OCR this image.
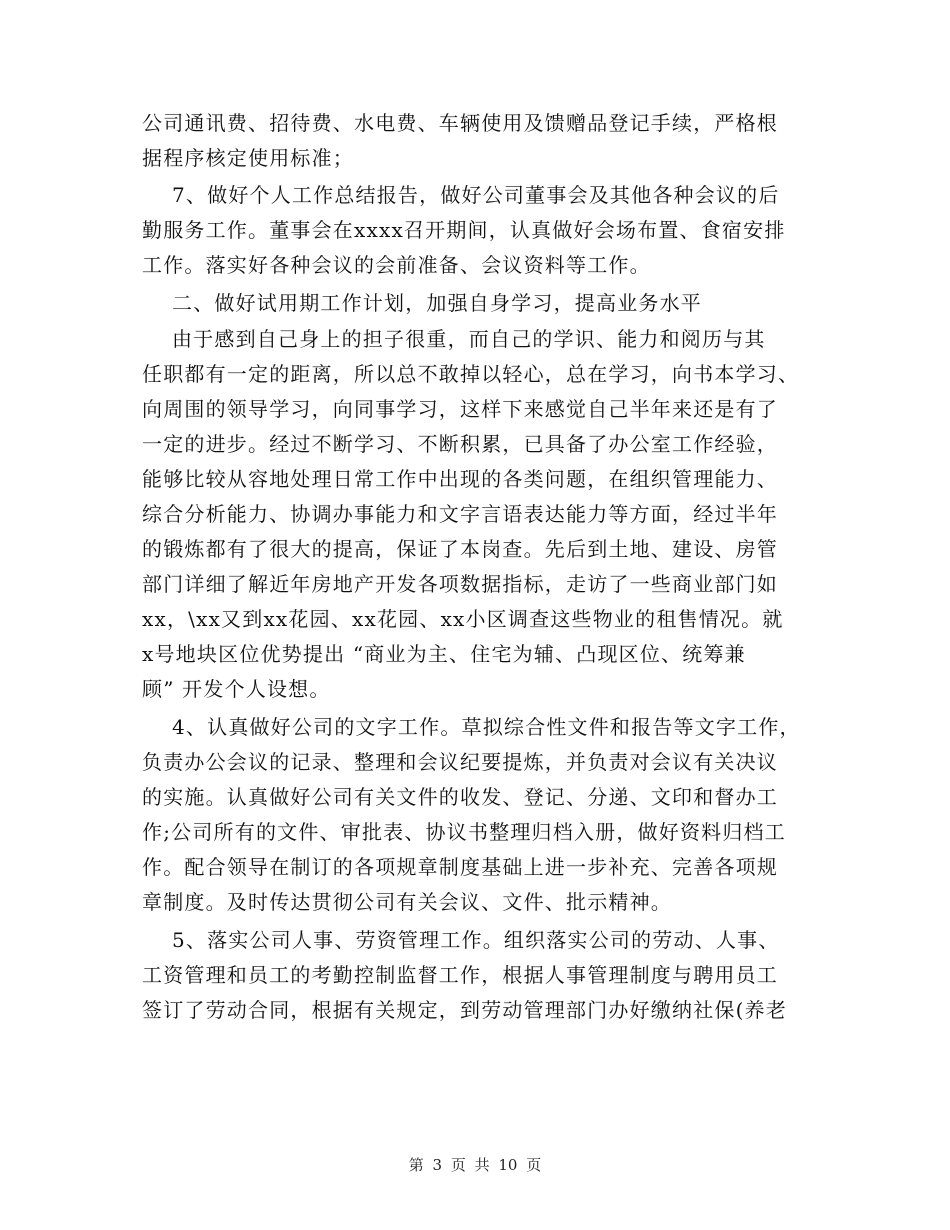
公司通讯费、招待费、水电费、车辆使用及馈赠品登记手续，严格根
据程序核定使用标准；
7、做好个人工作总结报告，做好公司董事会及其他各种会议的后
勤服务工作。董事会在xxxx召开期间，认真做好会场布置、食宿安排
工作。落实好各种会议的会前准备、会议资料等工作。
二、做好试用期工作计划，加强自身学习，提高业务水平
由于感到自己身上的担子很重，而自己的学识、能力和阅历与其
任职都有一定的距离，所以总不敢掉以轻心，总在学习，向书本学习、
向周围的领导学习，向同事学习，这样下来感觉自己半年来还是有了
一定的进步。经过不断学习、不断积累，已具备了办公室工作经验，
能够比较从容地处理日常工作中出现的各类问题，在组织管理能力、
综合分析能力、协调办事能力和文字言语表达能力等方面，经过半年
的锻炼都有了很大的提高，保证了本岗查。先后到土地、建设、房管
部门详细了解近年房地产开发各项数据指标，走访了一些商业部门如
xx，\xx又到xx花园、xx花园、xx小区调查这些物业的租售情况。就
x号地块区位优势提出 “商业为主、住宅为辅、凸现区位、统筹兼
顾” 开发个人设想。
4、认真做好公司的文字工作。草拟综合性文件和报告等文字工作，
负责办公会议的记录、整理和会议纪要提炼，并负责对会议有关决议
的实施。认真做好公司有关文件的收发、登记、分递、文印和督办工
作;公司所有的文件、审批表、协议书整理归档入册，做好资料归档工
作。配合领导在制订的各项规章制度基础上进一步补充、完善各项规
章制度。及时传达贯彻公司有关会议、文件、批示精神。
5、落实公司人事、劳资管理工作。组织落实公司的劳动、人事、
工资管理和员工的考勤控制监督工作，根据人事管理制度与聘用员工
签订了劳动合同，根据有关规定，到劳动管理部门办好缴纳社保(养老
第 3 页 共 10 页
